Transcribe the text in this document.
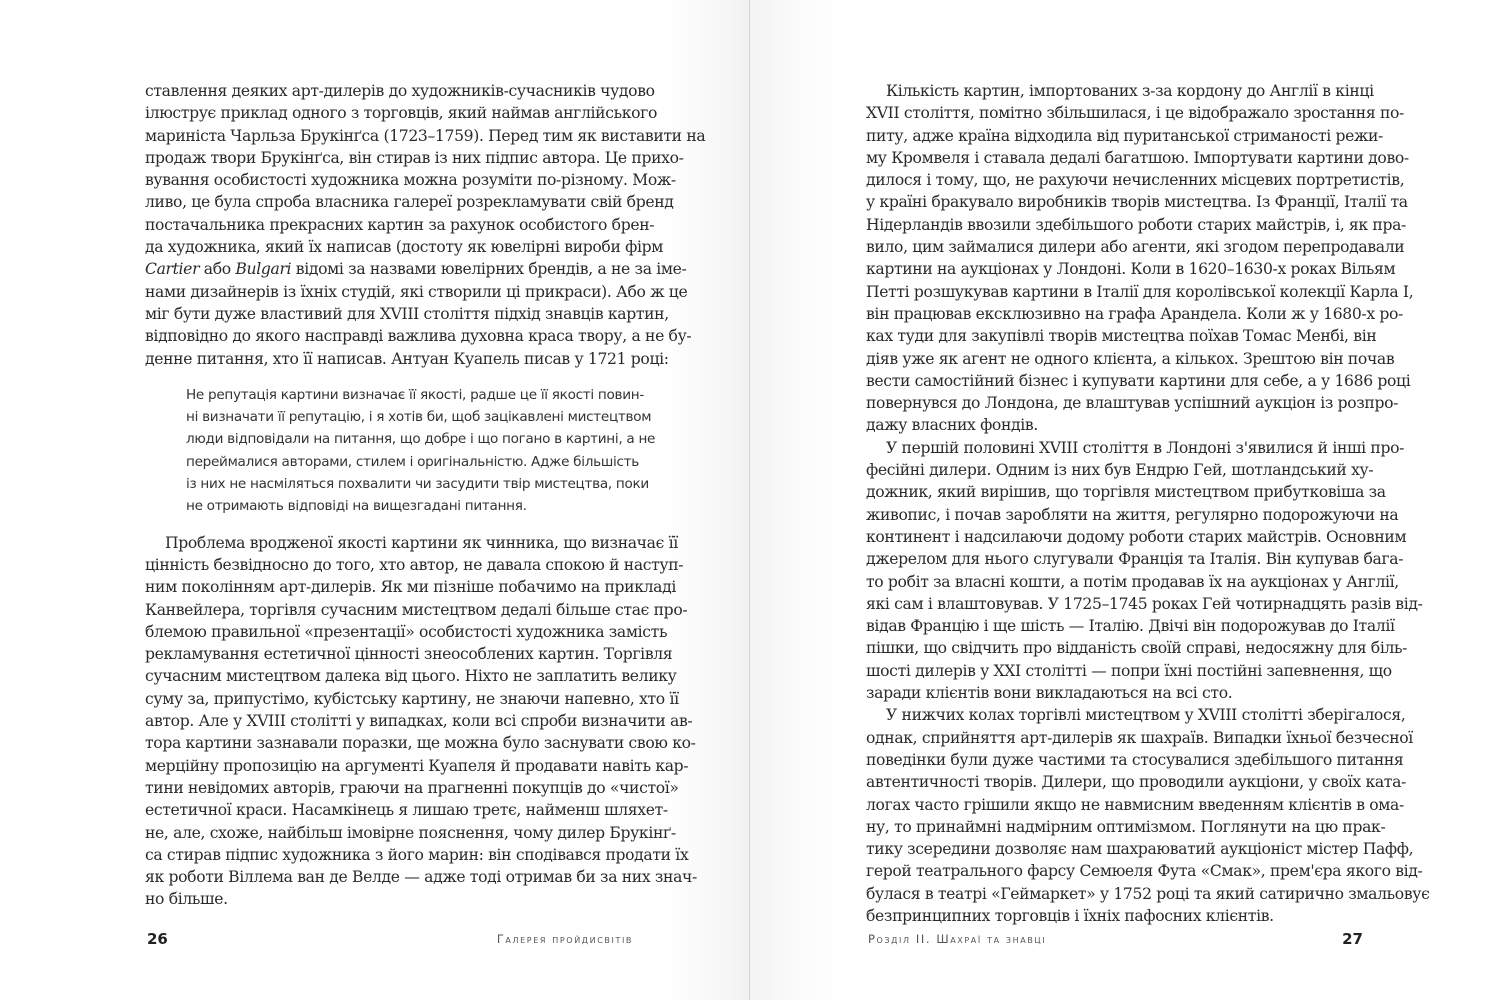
ставлення деяких арт-дилерів до художників-сучасників чудово
ілюструє приклад одного з торговців, який наймав англійського
мариніста Чарльза Брукінґса (1723–1759). Перед тим як виставити на
продаж твори Брукінґса, він стирав із них підпис автора. Це прихо-
вування особистості художника можна розуміти по-різному. Мож-
ливо, це була спроба власника галереї розрекламувати свій бренд
постачальника прекрасних картин за рахунок особистого брен-
да художника, який їх написав (достоту як ювелірні вироби фірм
Cartier або Bulgari відомі за назвами ювелірних брендів, а не за іме-
нами дизайнерів із їхніх студій, які створили ці прикраси). Або ж це
міг бути дуже властивий для XVIII століття підхід знавців картин,
відповідно до якого насправді важлива духовна краса твору, а не бу-
денне питання, хто її написав. Антуан Куапель писав у 1721 році:
Не репутація картини визначає її якості, радше це її якості повин-
ні визначати її репутацію, і я хотів би, щоб зацікавлені мистецтвом
люди відповідали на питання, що добре і що погано в картині, а не
переймалися авторами, стилем і оригінальністю. Адже більшість
із них не насміляться похвалити чи засудити твір мистецтва, поки
не отримають відповіді на вищезгадані питання.
Проблема вродженої якості картини як чинника, що визначає її
цінність безвідносно до того, хто автор, не давала спокою й наступ-
ним поколінням арт-дилерів. Як ми пізніше побачимо на прикладі
Канвейлера, торгівля сучасним мистецтвом дедалі більше стає про-
блемою правильної «презентації» особистості художника замість
рекламування естетичної цінності знеособлених картин. Торгівля
сучасним мистецтвом далека від цього. Ніхто не заплатить велику
суму за, припустімо, кубістську картину, не знаючи напевно, хто її
автор. Але у XVIII столітті у випадках, коли всі спроби визначити ав-
тора картини зазнавали поразки, ще можна було заснувати свою ко-
мерційну пропозицію на аргументі Куапеля й продавати навіть кар-
тини невідомих авторів, граючи на прагненні покупців до «чистої»
естетичної краси. Насамкінець я лишаю третє, найменш шляхет-
не, але, схоже, найбільш імовірне пояснення, чому дилер Брукінґ-
са стирав підпис художника з його марин: він сподівався продати їх
як роботи Віллема ван де Велде — адже тоді отримав би за них знач-
но більше.
26	Галерея пройдисвітів
Кількість картин, імпортованих з-за кордону до Англії в кінці
XVII століття, помітно збільшилася, і це відображало зростання по-
питу, адже країна відходила від пуританської стриманості режи-
му Кромвеля і ставала дедалі багатшою. Імпортувати картини дово-
дилося і тому, що, не рахуючи нечисленних місцевих портретистів,
у країні бракувало виробників творів мистецтва. Із Франції, Італії та
Нідерландів ввозили здебільшого роботи старих майстрів, і, як пра-
вило, цим займалися дилери або агенти, які згодом перепродавали
картини на аукціонах у Лондоні. Коли в 1620–1630-х роках Вільям
Петті розшукував картини в Італії для королівської колекції Карла І,
він працював ексклюзивно на графа Арандела. Коли ж у 1680-х ро-
ках туди для закупівлі творів мистецтва поїхав Томас Менбі, він
діяв уже як агент не одного клієнта, а кількох. Зрештою він почав
вести самостійний бізнес і купувати картини для себе, а у 1686 році
повернувся до Лондона, де влаштував успішний аукціон із розпро-
дажу власних фондів.
У першій половині XVIII століття в Лондоні з'явилися й інші про-
фесійні дилери. Одним із них був Ендрю Гей, шотландський ху-
дожник, який вирішив, що торгівля мистецтвом прибутковіша за
живопис, і почав заробляти на життя, регулярно подорожуючи на
континент і надсилаючи додому роботи старих майстрів. Основним
джерелом для нього слугували Франція та Італія. Він купував бага-
то робіт за власні кошти, а потім продавав їх на аукціонах у Англії,
які сам і влаштовував. У 1725–1745 роках Гей чотирнадцять разів від-
відав Францію і ще шість — Італію. Двічі він подорожував до Італії
пішки, що свідчить про відданість своїй справі, недосяжну для біль-
шості дилерів у XXI столітті — попри їхні постійні запевнення, що
заради клієнтів вони викладаються на всі сто.
У нижчих колах торгівлі мистецтвом у XVIII столітті зберігалося,
однак, сприйняття арт-дилерів як шахраїв. Випадки їхньої безчесної
поведінки були дуже частими та стосувалися здебільшого питання
автентичності творів. Дилери, що проводили аукціони, у своїх ката-
логах часто грішили якщо не навмисним введенням клієнтів в ома-
ну, то принаймні надмірним оптимізмом. Поглянути на цю прак-
тику зсередини дозволяє нам шахраюватий аукціоніст містер Пафф,
герой театрального фарсу Семюеля Фута «Смак», прем'єра якого від-
булася в театрі «Геймаркет» у 1752 році та який сатирично змальовує
безпринципних торговців і їхніх пафосних клієнтів.
Розділ ІІ. Шахраї та знавці	27
